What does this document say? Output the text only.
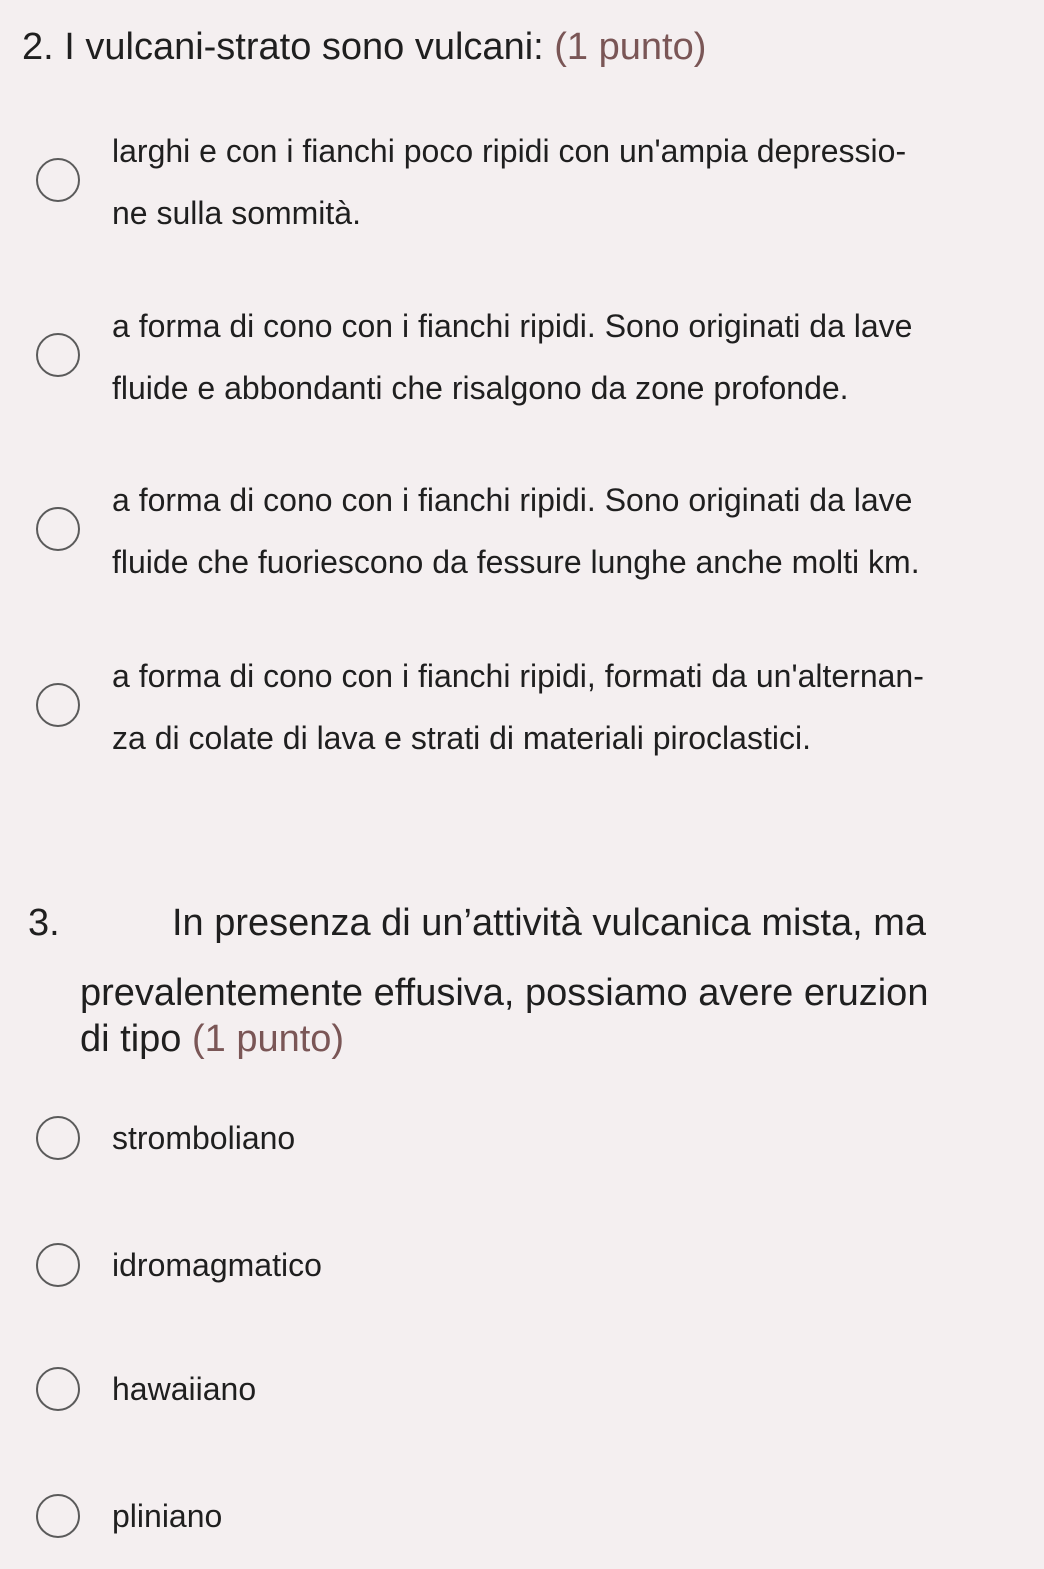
2. I vulcani-strato sono vulcani: (1 punto)
larghi e con i fianchi poco ripidi con un'ampia depressio-
ne sulla sommità.
a forma di cono con i fianchi ripidi. Sono originati da lave
fluide e abbondanti che risalgono da zone profonde.
a forma di cono con i fianchi ripidi. Sono originati da lave
fluide che fuoriescono da fessure lunghe anche molti km.
a forma di cono con i fianchi ripidi, formati da un'alternan-
za di colate di lava e strati di materiali piroclastici.
3.	In presenza di un’attività vulcanica mista, ma
prevalentemente effusiva, possiamo avere eruzion
di tipo (1 punto)
stromboliano
idromagmatico
hawaiiano
pliniano
